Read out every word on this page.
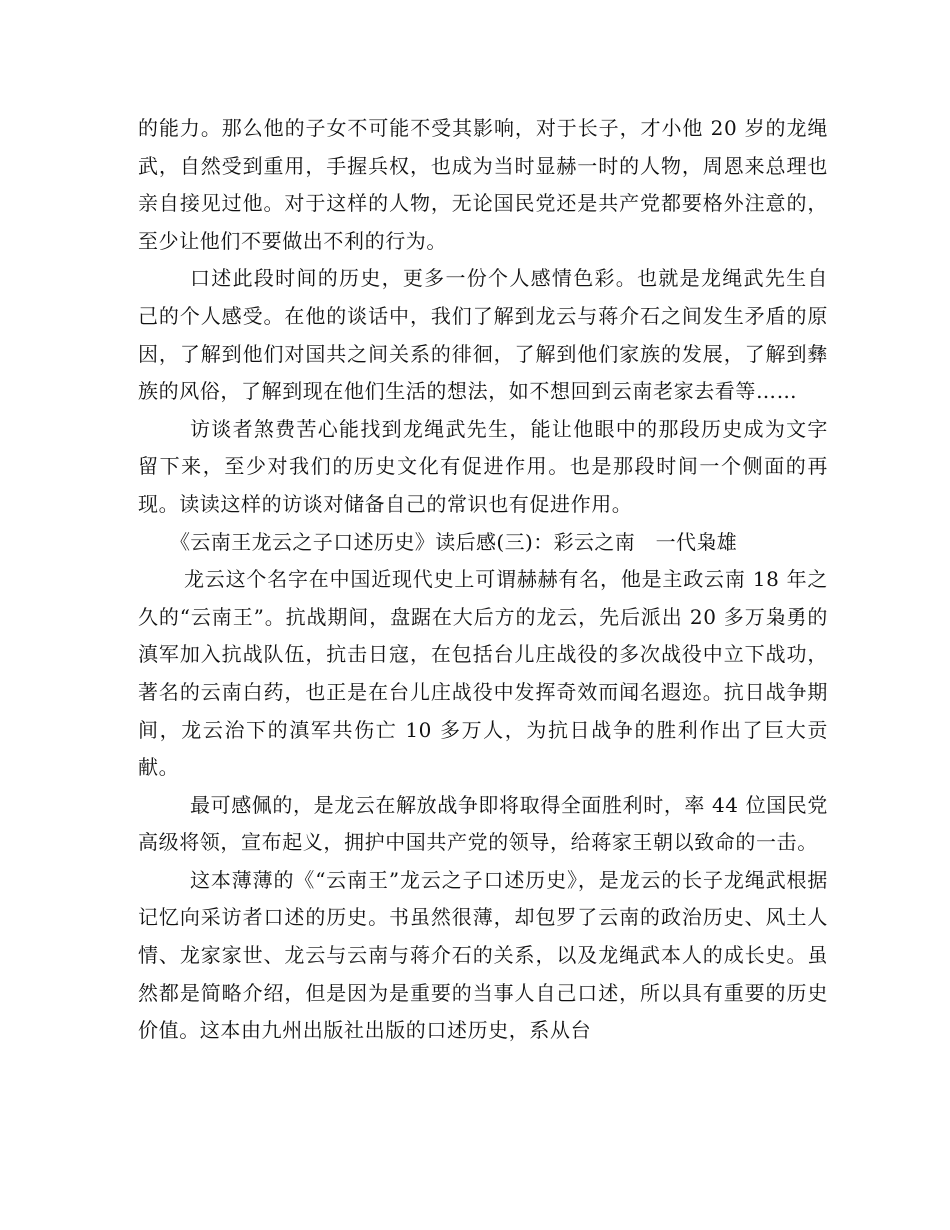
的能力。那么他的子女不可能不受其影响，对于长子，才小他 20 岁的龙绳武，自然受到重用，手握兵权，也成为当时显赫一时的人物，周恩来总理也亲自接见过他。对于这样的人物，无论国民党还是共产党都要格外注意的，至少让他们不要做出不利的行为。

口述此段时间的历史，更多一份个人感情色彩。也就是龙绳武先生自己的个人感受。在他的谈话中，我们了解到龙云与蒋介石之间发生矛盾的原因，了解到他们对国共之间关系的徘徊，了解到他们家族的发展，了解到彝族的风俗，了解到现在他们生活的想法，如不想回到云南老家去看等……

访谈者煞费苦心能找到龙绳武先生，能让他眼中的那段历史成为文字留下来，至少对我们的历史文化有促进作用。也是那段时间一个侧面的再现。读读这样的访谈对储备自己的常识也有促进作用。

《云南王龙云之子口述历史》读后感(三)：彩云之南　一代枭雄

龙云这个名字在中国近现代史上可谓赫赫有名，他是主政云南 18 年之久的“云南王”。抗战期间，盘踞在大后方的龙云，先后派出 20 多万枭勇的滇军加入抗战队伍，抗击日寇，在包括台儿庄战役的多次战役中立下战功，著名的云南白药，也正是在台儿庄战役中发挥奇效而闻名遐迩。抗日战争期间，龙云治下的滇军共伤亡 10 多万人，为抗日战争的胜利作出了巨大贡献。

最可感佩的，是龙云在解放战争即将取得全面胜利时，率 44 位国民党高级将领，宣布起义，拥护中国共产党的领导，给蒋家王朝以致命的一击。

这本薄薄的《“云南王”龙云之子口述历史》，是龙云的长子龙绳武根据记忆向采访者口述的历史。书虽然很薄，却包罗了云南的政治历史、风土人情、龙家家世、龙云与云南与蒋介石的关系，以及龙绳武本人的成长史。虽然都是简略介绍，但是因为是重要的当事人自己口述，所以具有重要的历史价值。这本由九州出版社出版的口述历史，系从台
